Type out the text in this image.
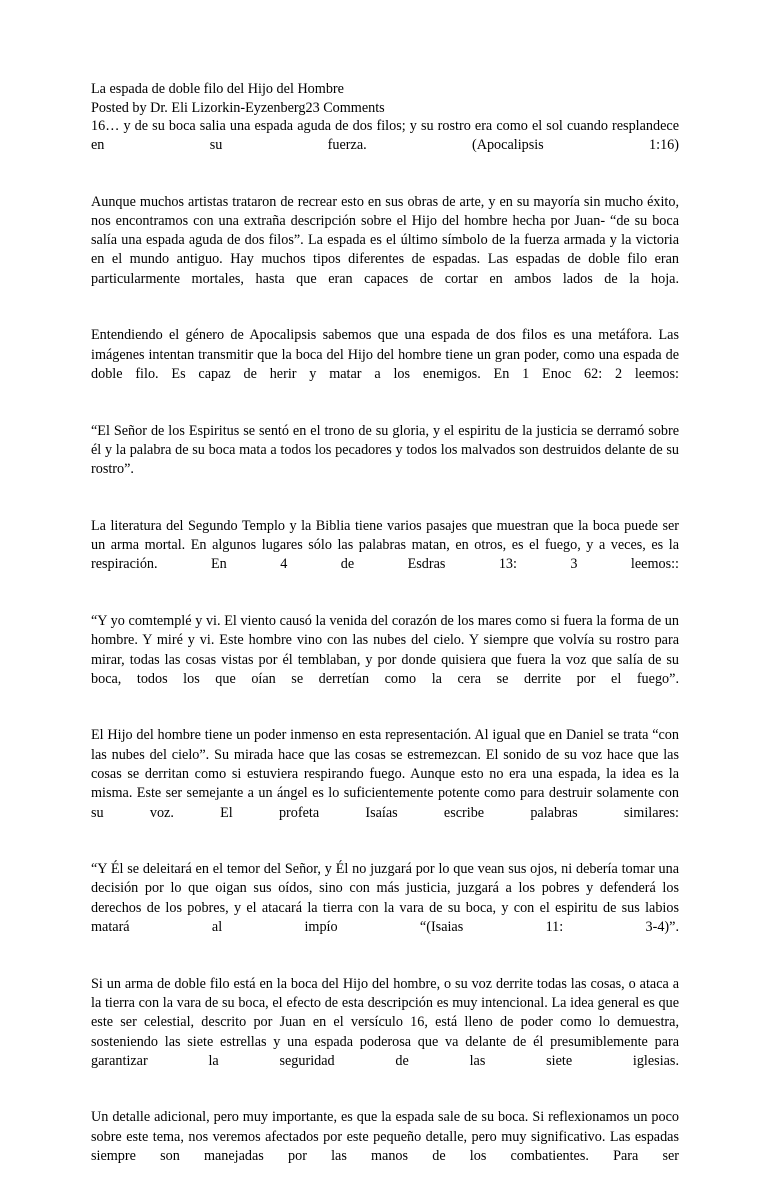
La espada de doble filo del Hijo del Hombre
Posted by Dr. Eli Lizorkin-Eyzenberg23 Comments
16… y de su boca salia una espada aguda de dos filos; y su rostro era como el sol cuando resplandece en su fuerza. (Apocalipsis 1:16)

Aunque muchos artistas trataron de recrear esto en sus obras de arte, y en su mayoría sin mucho éxito, nos encontramos con una extraña descripción sobre el Hijo del hombre hecha por Juan- “de su boca salía una espada aguda de dos filos”. La espada es el último símbolo de la fuerza armada y la victoria en el mundo antiguo. Hay muchos tipos diferentes de espadas. Las espadas de doble filo eran particularmente mortales, hasta que eran capaces de cortar en ambos lados de la hoja.

Entendiendo el género de Apocalipsis sabemos que una espada de dos filos es una metáfora. Las imágenes intentan transmitir que la boca del Hijo del hombre tiene un gran poder, como una espada de doble filo. Es capaz de herir y matar a los enemigos. En 1 Enoc 62: 2 leemos:

“El Señor de los Espiritus se sentó en el trono de su gloria, y el espiritu de la justicia se derramó sobre él y la palabra de su boca mata a todos los pecadores y todos los malvados son destruidos delante de su rostro”.

La literatura del Segundo Templo y la Biblia tiene varios pasajes que muestran que la boca puede ser un arma mortal. En algunos lugares sólo las palabras matan, en otros, es el fuego, y a veces, es la respiración. En 4 de Esdras 13: 3 leemos::

“Y yo comtemplé y vi. El viento causó la venida del corazón de los mares como si fuera la forma de un hombre. Y miré y vi. Este hombre vino con las nubes del cielo. Y siempre que volvía su rostro para mirar, todas las cosas vistas por él temblaban, y por donde quisiera que fuera la voz que salía de su boca, todos los que oían se derretían como la cera se derrite por el fuego”.

El Hijo del hombre tiene un poder inmenso en esta representación. Al igual que en Daniel se trata “con las nubes del cielo”. Su mirada hace que las cosas se estremezcan. El sonido de su voz hace que las cosas se derritan como si estuviera respirando fuego. Aunque esto no era una espada, la idea es la misma. Este ser semejante a un ángel es lo suficientemente potente como para destruir solamente con su voz. El profeta Isaías escribe palabras similares:

“Y Él se deleitará en el temor del Señor, y Él no juzgará por lo que vean sus ojos, ni debería tomar una decisión por lo que oigan sus oídos, sino con más justicia, juzgará a los pobres y defenderá los derechos de los pobres, y el atacará la tierra con la vara de su boca, y con el espiritu de sus labios matará al impío “(Isaias 11: 3-4)”.

Si un arma de doble filo está en la boca del Hijo del hombre, o su voz derrite todas las cosas, o ataca a la tierra con la vara de su boca, el efecto de esta descripción es muy intencional. La idea general es que este ser celestial, descrito por Juan en el versículo 16, está lleno de poder como lo demuestra, sosteniendo las siete estrellas y una espada poderosa que va delante de él presumiblemente para garantizar la seguridad de las siete iglesias.

Un detalle adicional, pero muy importante, es que la espada sale de su boca. Si reflexionamos un poco sobre este tema, nos veremos afectados por este pequeño detalle, pero muy significativo. Las espadas siempre son manejadas por las manos de los combatientes. Para ser
